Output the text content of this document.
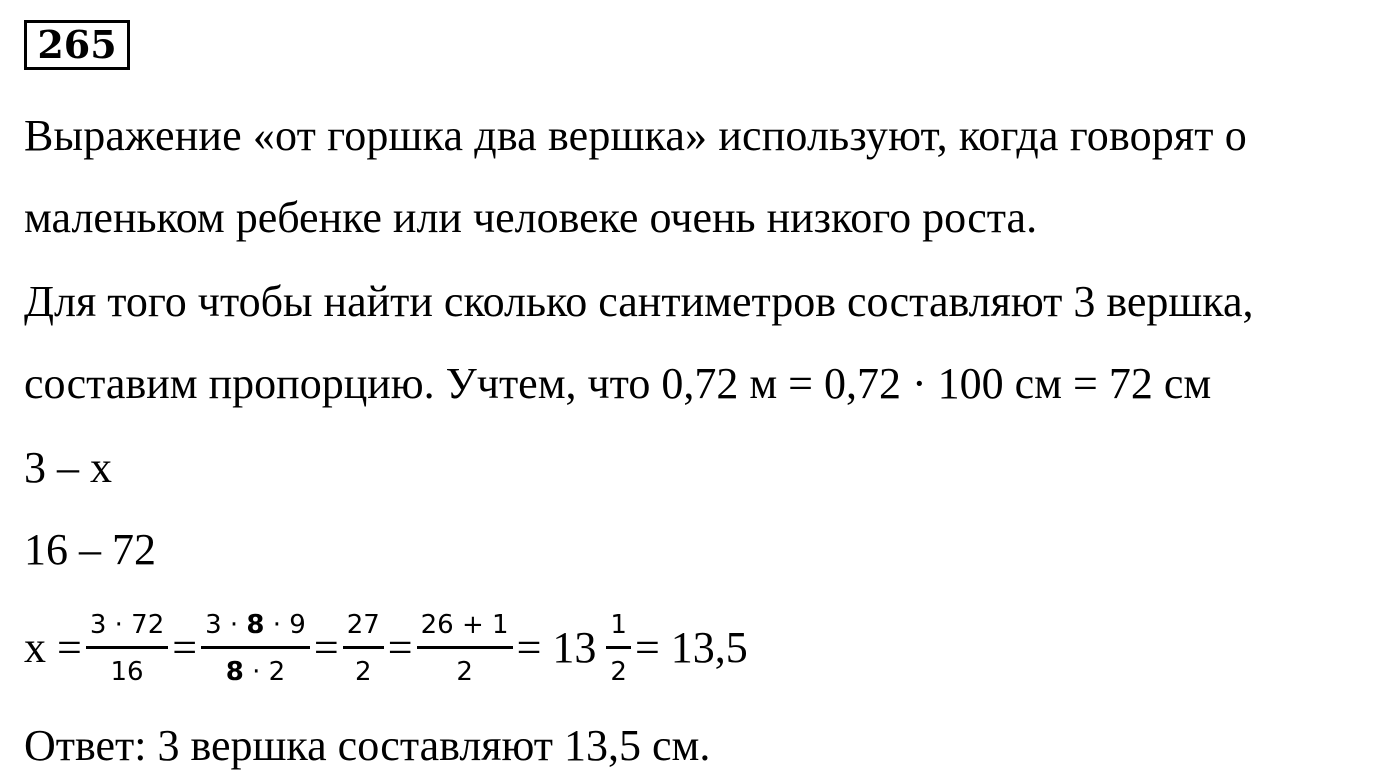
265
Выражение «от горшка два вершка» используют, когда говорят о
маленьком ребенке или человеке очень низкого роста.
Для того чтобы найти сколько сантиметров составляют 3 вершка,
составим пропорцию. Учтем, что 0,72 м = 0,72 · 100 см = 72 см
3 – x
16 – 72
$x = \frac{3 \cdot 72}{16} = \frac{3 \cdot 8 \cdot 9}{8 \cdot 2} = \frac{27}{2} = \frac{26 + 1}{2} = 13 \frac{1}{2} = 13,5$
Ответ: 3 вершка составляют 13,5 см.
